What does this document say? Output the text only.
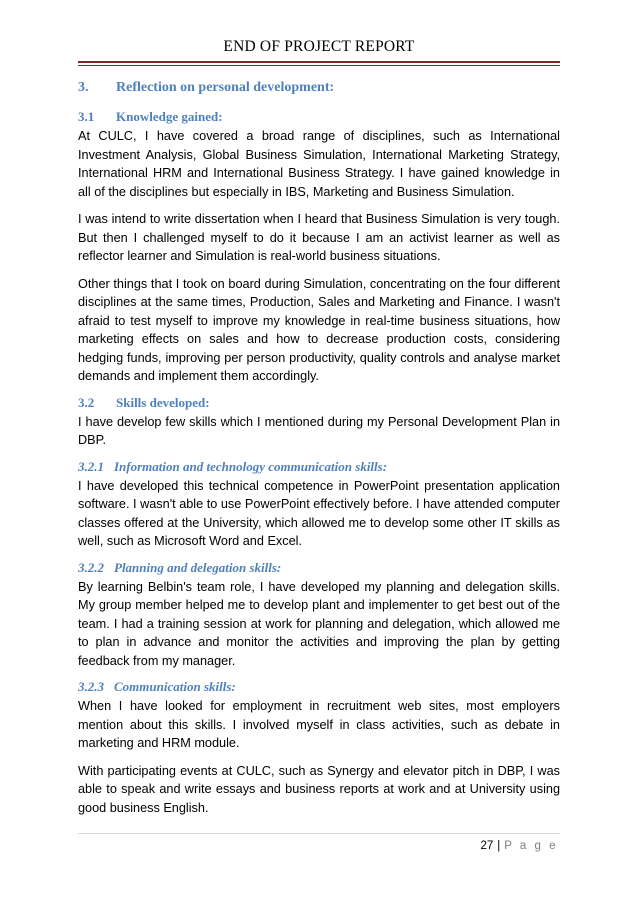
END OF PROJECT REPORT
3.	Reflection on personal development:
3.1	Knowledge gained:

At CULC, I have covered a broad range of disciplines, such as International Investment Analysis, Global Business Simulation, International Marketing Strategy, International HRM and International Business Strategy. I have gained knowledge in all of the disciplines but especially in IBS, Marketing and Business Simulation.

I was intend to write dissertation when I heard that Business Simulation is very tough. But then I challenged myself to do it because I am an activist learner as well as reflector learner and Simulation is real-world business situations.

Other things that I took on board during Simulation, concentrating on the four different disciplines at the same times, Production, Sales and Marketing and Finance. I wasn't afraid to test myself to improve my knowledge in real-time business situations, how marketing effects on sales and how to decrease production costs, considering hedging funds, improving per person productivity, quality controls and analyse market demands and implement them accordingly.

3.2	Skills developed:

I have develop few skills which I mentioned during my Personal Development Plan in DBP.

3.2.1 Information and technology communication skills:

I have developed this technical competence in PowerPoint presentation application software. I wasn't able to use PowerPoint effectively before. I have attended computer classes offered at the University, which allowed me to develop some other IT skills as well, such as Microsoft Word and Excel.

3.2.2 Planning and delegation skills:

By learning Belbin's team role, I have developed my planning and delegation skills. My group member helped me to develop plant and implementer to get best out of the team. I had a training session at work for planning and delegation, which allowed me to plan in advance and monitor the activities and improving the plan by getting feedback from my manager.

3.2.3 Communication skills:

When I have looked for employment in recruitment web sites, most employers mention about this skills. I involved myself in class activities, such as debate in marketing and HRM module.

With participating events at CULC, such as Synergy and elevator pitch in DBP, I was able to speak and write essays and business reports at work and at University using good business English.

27 | P a g e
